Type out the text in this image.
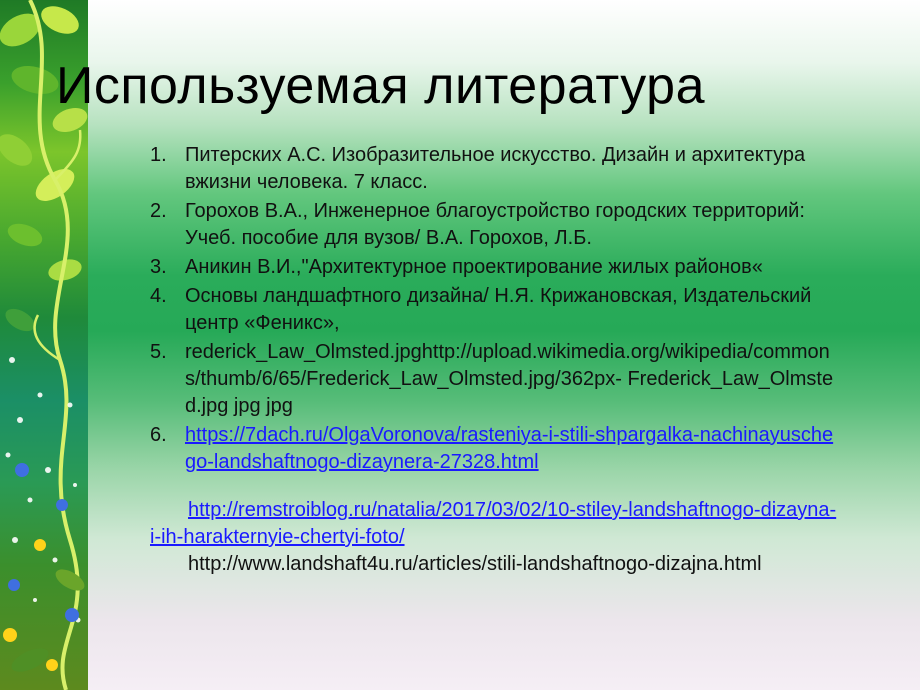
Используемая литература
1. Питерских А.С. Изобразительное искусство. Дизайн и архитектура вжизни человека. 7 класс.
2. Горохов В.А., Инженерное благоустройство городских территорий: Учеб. пособие для вузов/ В.А. Горохов, Л.Б.
3. Аникин В.И.,"Архитектурное проектирование жилых районов«
4. Основы ландшафтного дизайна/ Н.Я. Крижановская, Издательский центр «Феникс»,
5. rederick_Law_Olmsted.jpghttp://upload.wikimedia.org/wikipedia/commons/thumb/6/65/Frederick_Law_Olmsted.jpg/362px- Frederick_Law_Olmsted.jpg jpg jpg
6. https://7dach.ru/OlgaVoronova/rasteniya-i-stili-shpargalka-nachinayuschego-landshaftnogo-dizaynera-27328.html

http://remstroiblog.ru/natalia/2017/03/02/10-stiley-landshaftnogo-dizayna-i-ih-harakternyie-chertyi-foto/

http://www.landshaft4u.ru/articles/stili-landshaftnogo-dizajna.html
